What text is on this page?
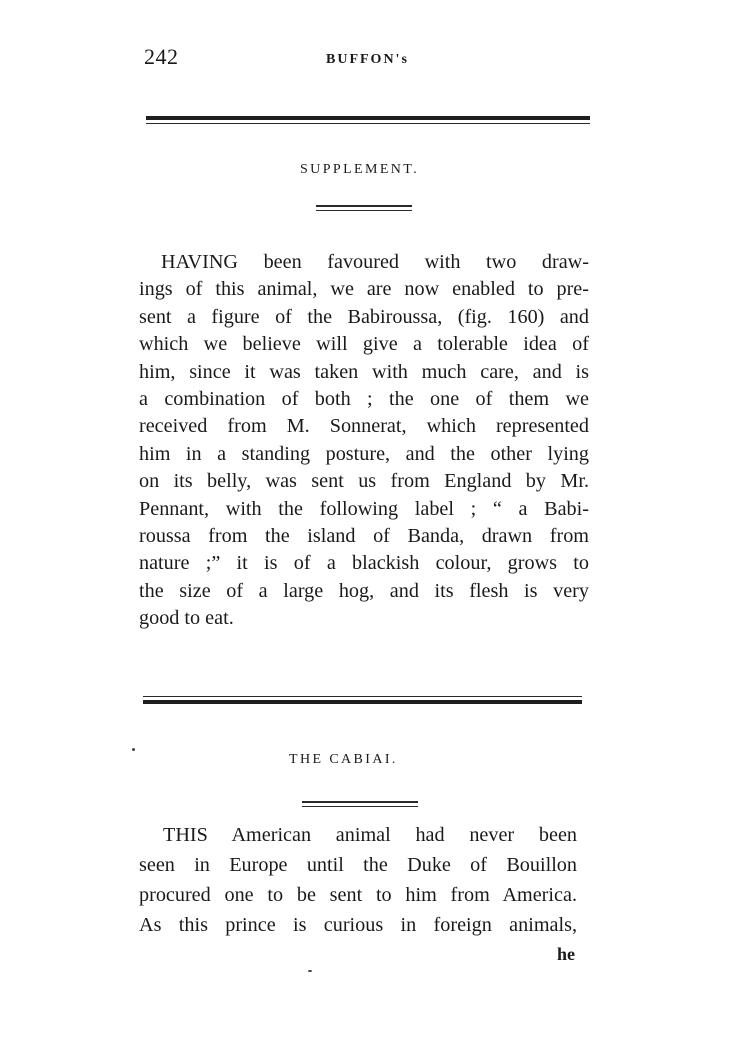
242	BUFFON's
SUPPLEMENT.
HAVING been favoured with two draw-
ings of this animal, we are now enabled to pre-
sent a figure of the Babiroussa, (fig. 160) and
which we believe will give a tolerable idea of
him, since it was taken with much care, and is
a combination of both ; the one of them we
received from M. Sonnerat, which represented
him in a standing posture, and the other lying
on its belly, was sent us from England by Mr.
Pennant, with the following label ; “ a Babi-
roussa from the island of Banda, drawn from
nature ;” it is of a blackish colour, grows to
the size of a large hog, and its flesh is very
good to eat.
THE CABIAI.
THIS American animal had never been
seen in Europe until the Duke of Bouillon
procured one to be sent to him from America.
As this prince is curious in foreign animals,
he
